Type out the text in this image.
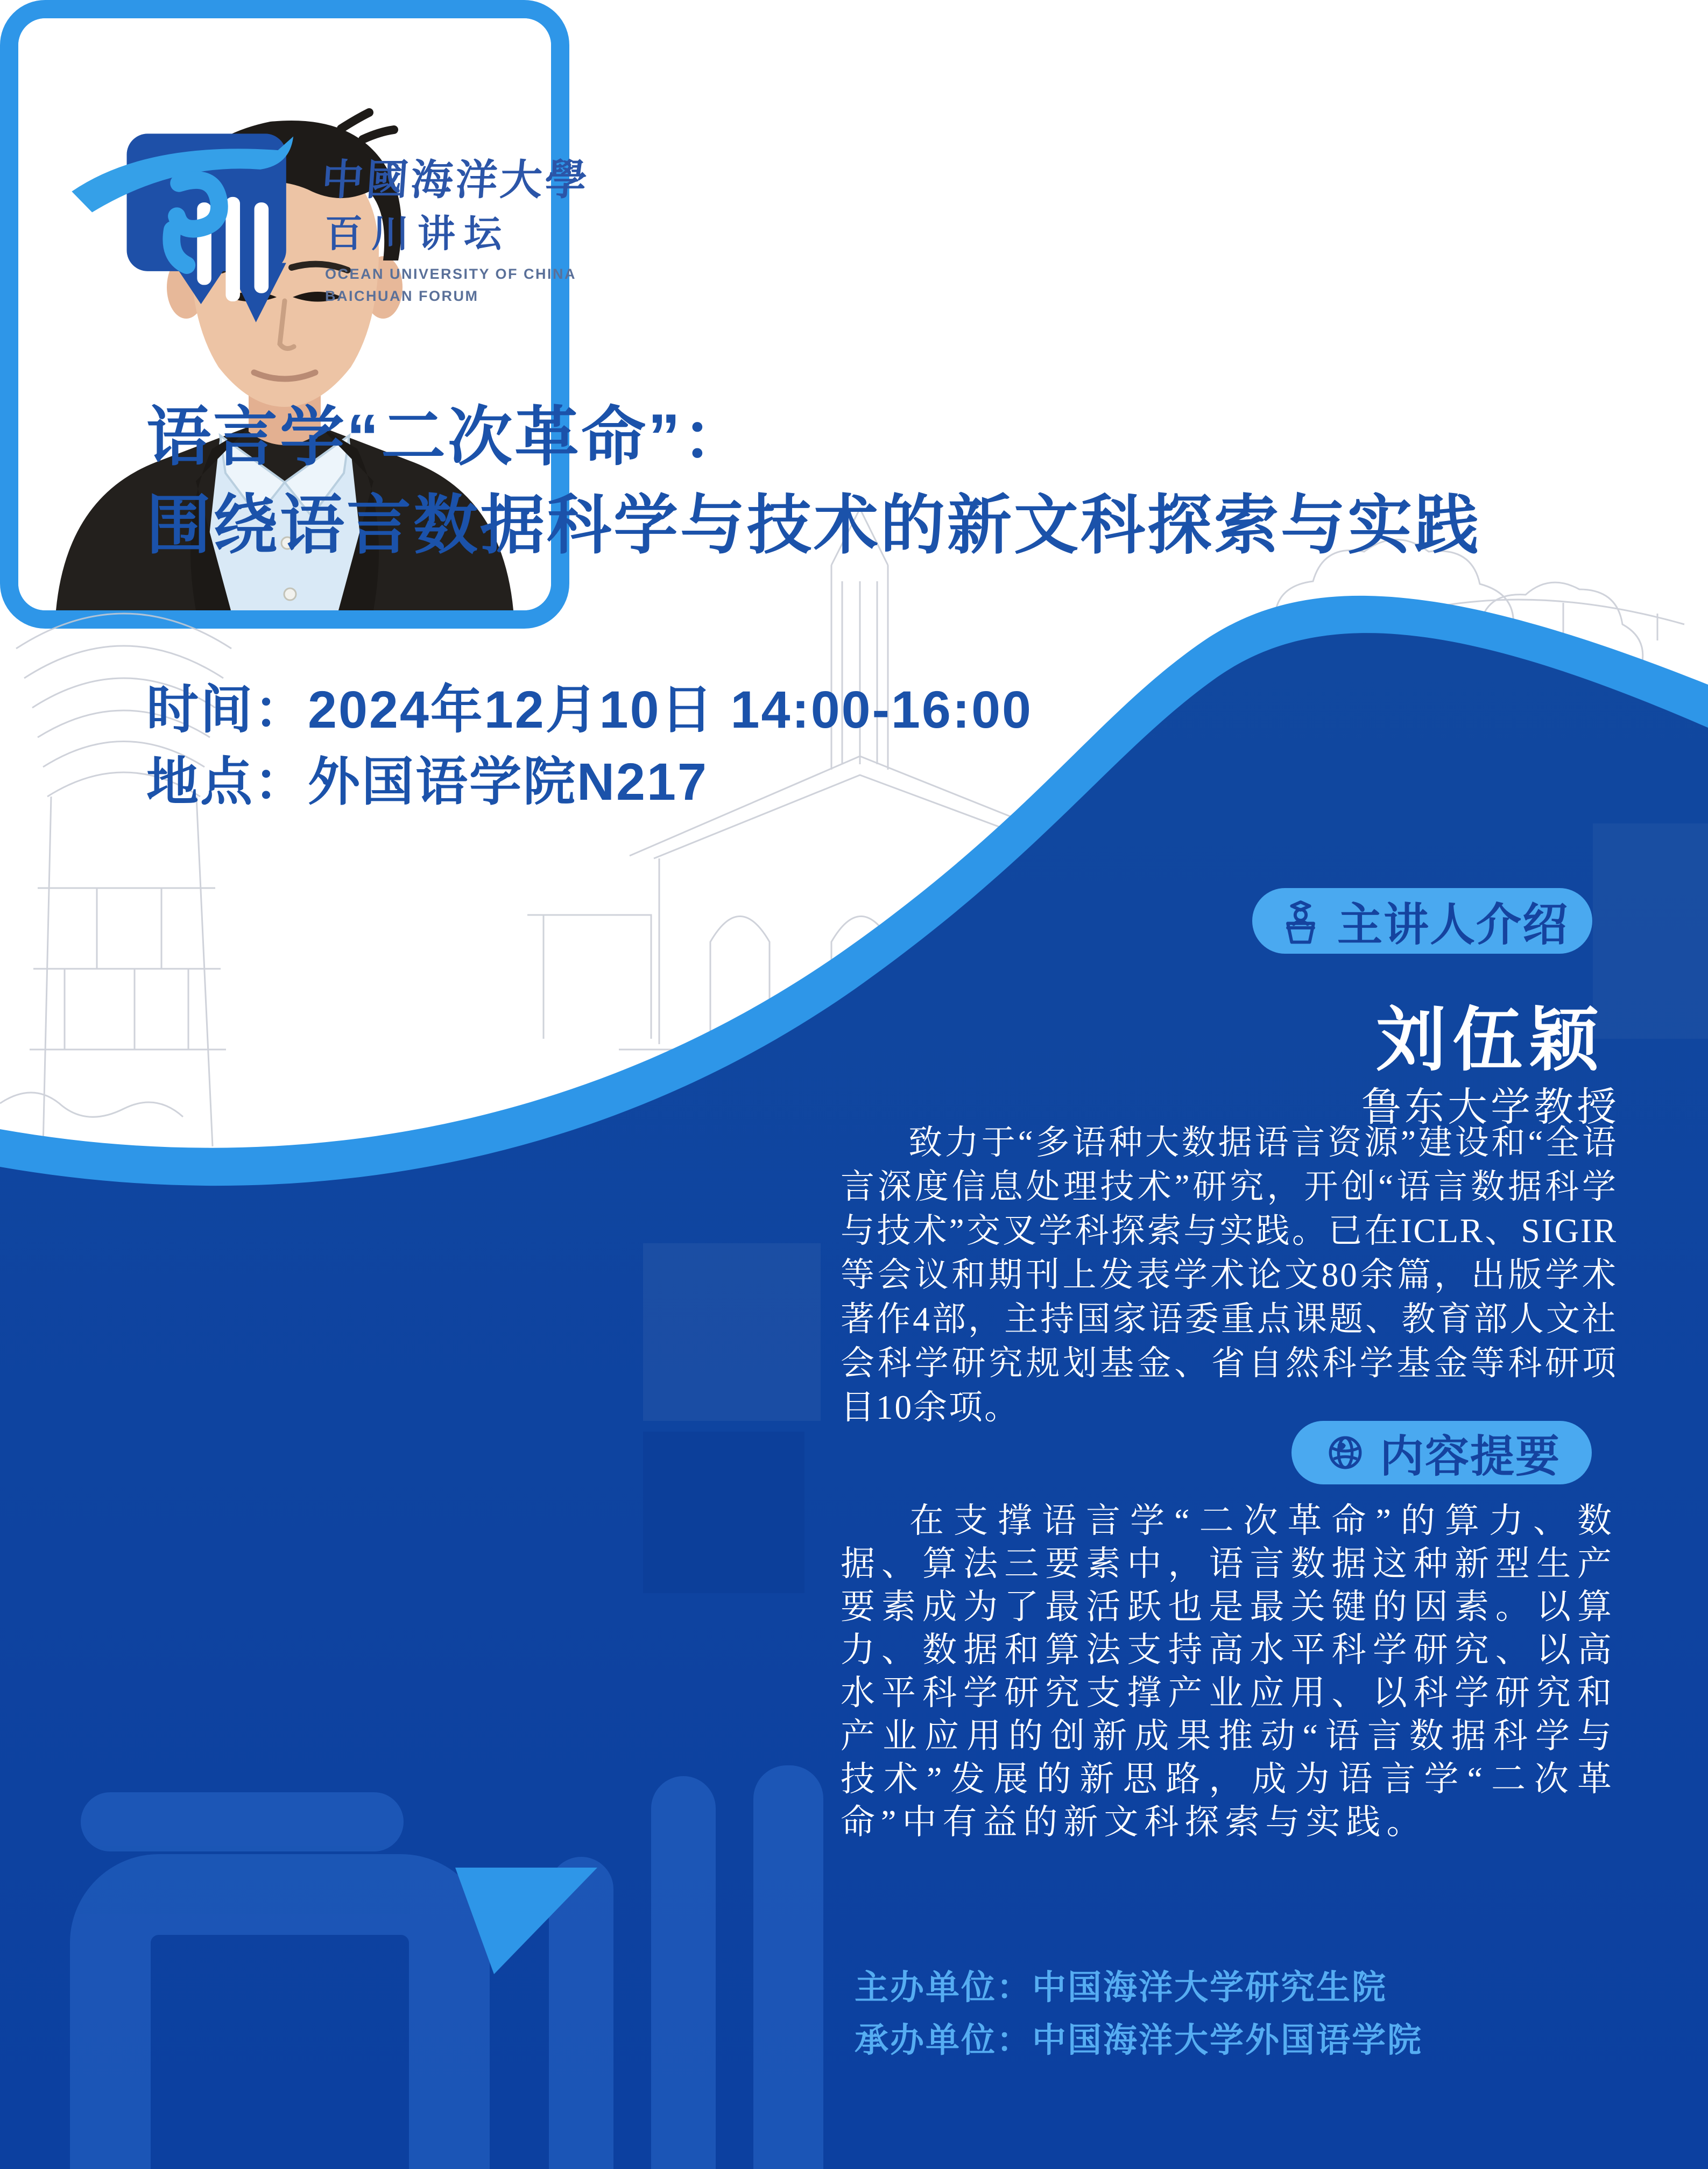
中國海洋大學
百川讲坛
OCEAN UNIVERSITY OF CHINA
BAICHUAN FORUM
语言学“二次革命”：
围绕语言数据科学与技术的新文科探索与实践
时间：2024年12月10日 14:00-16:00
地点：外国语学院N217
主讲人介绍
刘伍颖
鲁东大学教授
致力于“多语种大数据语言资源”建设和“全语言深度信息处理技术”研究，开创“语言数据科学与技术”交叉学科探索与实践。已在ICLR、SIGIR等会议和期刊上发表学术论文80余篇，出版学术著作4部，主持国家语委重点课题、教育部人文社会科学研究规划基金、省自然科学基金等科研项目10余项。
内容提要
在支撑语言学“二次革命”的算力、数据、算法三要素中，语言数据这种新型生产要素成为了最活跃也是最关键的因素。以算力、数据和算法支持高水平科学研究、以高水平科学研究支撑产业应用、以科学研究和产业应用的创新成果推动“语言数据科学与技术”发展的新思路，成为语言学“二次革命”中有益的新文科探索与实践。
主办单位：中国海洋大学研究生院
承办单位：中国海洋大学外国语学院
